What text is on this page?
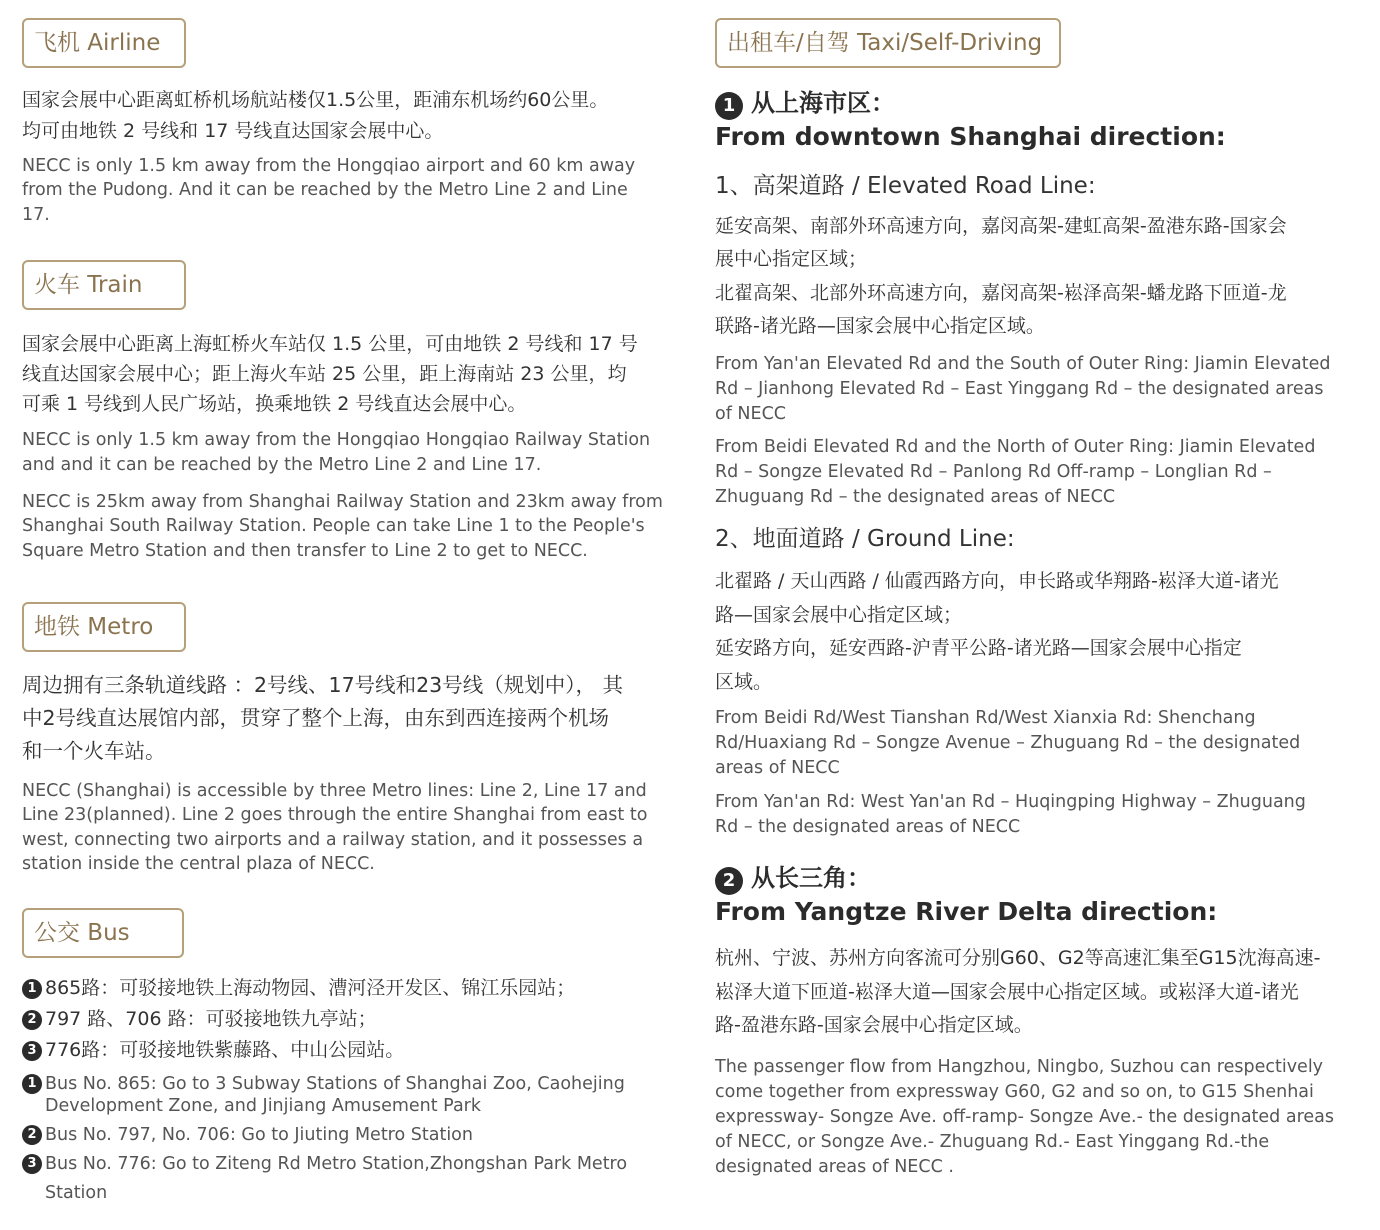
飞机 Airline
国家会展中心距离虹桥机场航站楼仅1.5公里，距浦东机场约60公里。
均可由地铁 2 号线和 17 号线直达国家会展中心。
NECC is only 1.5 km away from the Hongqiao airport and 60 km away
from the Pudong. And it can be reached by the Metro Line 2 and Line
17.
火车 Train
国家会展中心距离上海虹桥火车站仅 1.5 公里，可由地铁 2 号线和 17 号
线直达国家会展中心；距上海火车站 25 公里，距上海南站 23 公里，均
可乘 1 号线到人民广场站，换乘地铁 2 号线直达会展中心。
NECC is only 1.5 km away from the Hongqiao Hongqiao Railway Station
and and it can be reached by the Metro Line 2 and Line 17.
NECC is 25km away from Shanghai Railway Station and 23km away from
Shanghai South Railway Station. People can take Line 1 to the People's
Square Metro Station and then transfer to Line 2 to get to NECC.
地铁 Metro
周边拥有三条轨道线路 ：2号线、17号线和23号线（规划中）， 其
中2号线直达展馆内部，贯穿了整个上海，由东到西连接两个机场
和一个火车站。
NECC (Shanghai) is accessible by three Metro lines: Line 2, Line 17 and
Line 23(planned). Line 2 goes through the entire Shanghai from east to
west, connecting two airports and a railway station, and it possesses a
station inside the central plaza of NECC.
公交 Bus
1 865路：可驳接地铁上海动物园、漕河泾开发区、锦江乐园站；
2 797 路、706 路：可驳接地铁九亭站；
3 776路：可驳接地铁紫藤路、中山公园站。
1 Bus No. 865: Go to 3 Subway Stations of Shanghai Zoo, Caohejing
Development Zone, and Jinjiang Amusement Park
2 Bus No. 797, No. 706: Go to Jiuting Metro Station
3 Bus No. 776: Go to Ziteng Rd Metro Station,Zhongshan Park Metro
Station
出租车/自驾 Taxi/Self-Driving
1 从上海市区：
From downtown Shanghai direction:
1、高架道路 / Elevated Road Line:
延安高架、南部外环高速方向，嘉闵高架-建虹高架-盈港东路-国家会
展中心指定区域；
北翟高架、北部外环高速方向，嘉闵高架-崧泽高架-蟠龙路下匝道-龙
联路-诸光路—国家会展中心指定区域。
From Yan'an Elevated Rd and the South of Outer Ring: Jiamin Elevated
Rd – Jianhong Elevated Rd – East Yinggang Rd – the designated areas
of NECC
From Beidi Elevated Rd and the North of Outer Ring: Jiamin Elevated
Rd – Songze Elevated Rd – Panlong Rd Off-ramp – Longlian Rd –
Zhuguang Rd – the designated areas of NECC
2、地面道路 / Ground Line:
北翟路 / 天山西路 / 仙霞西路方向，申长路或华翔路-崧泽大道-诸光
路—国家会展中心指定区域；
延安路方向，延安西路-沪青平公路-诸光路—国家会展中心指定
区域。
From Beidi Rd/West Tianshan Rd/West Xianxia Rd: Shenchang
Rd/Huaxiang Rd – Songze Avenue – Zhuguang Rd – the designated
areas of NECC
From Yan'an Rd: West Yan'an Rd – Huqingping Highway – Zhuguang
Rd – the designated areas of NECC
2 从长三角：
From Yangtze River Delta direction:
杭州、宁波、苏州方向客流可分别G60、G2等高速汇集至G15沈海高速-
崧泽大道下匝道-崧泽大道—国家会展中心指定区域。或崧泽大道-诸光
路-盈港东路-国家会展中心指定区域。
The passenger flow from Hangzhou, Ningbo, Suzhou can respectively
come together from expressway G60, G2 and so on, to G15 Shenhai
expressway- Songze Ave. off-ramp- Songze Ave.- the designated areas
of NECC, or Songze Ave.- Zhuguang Rd.- East Yinggang Rd.-the
designated areas of NECC .
